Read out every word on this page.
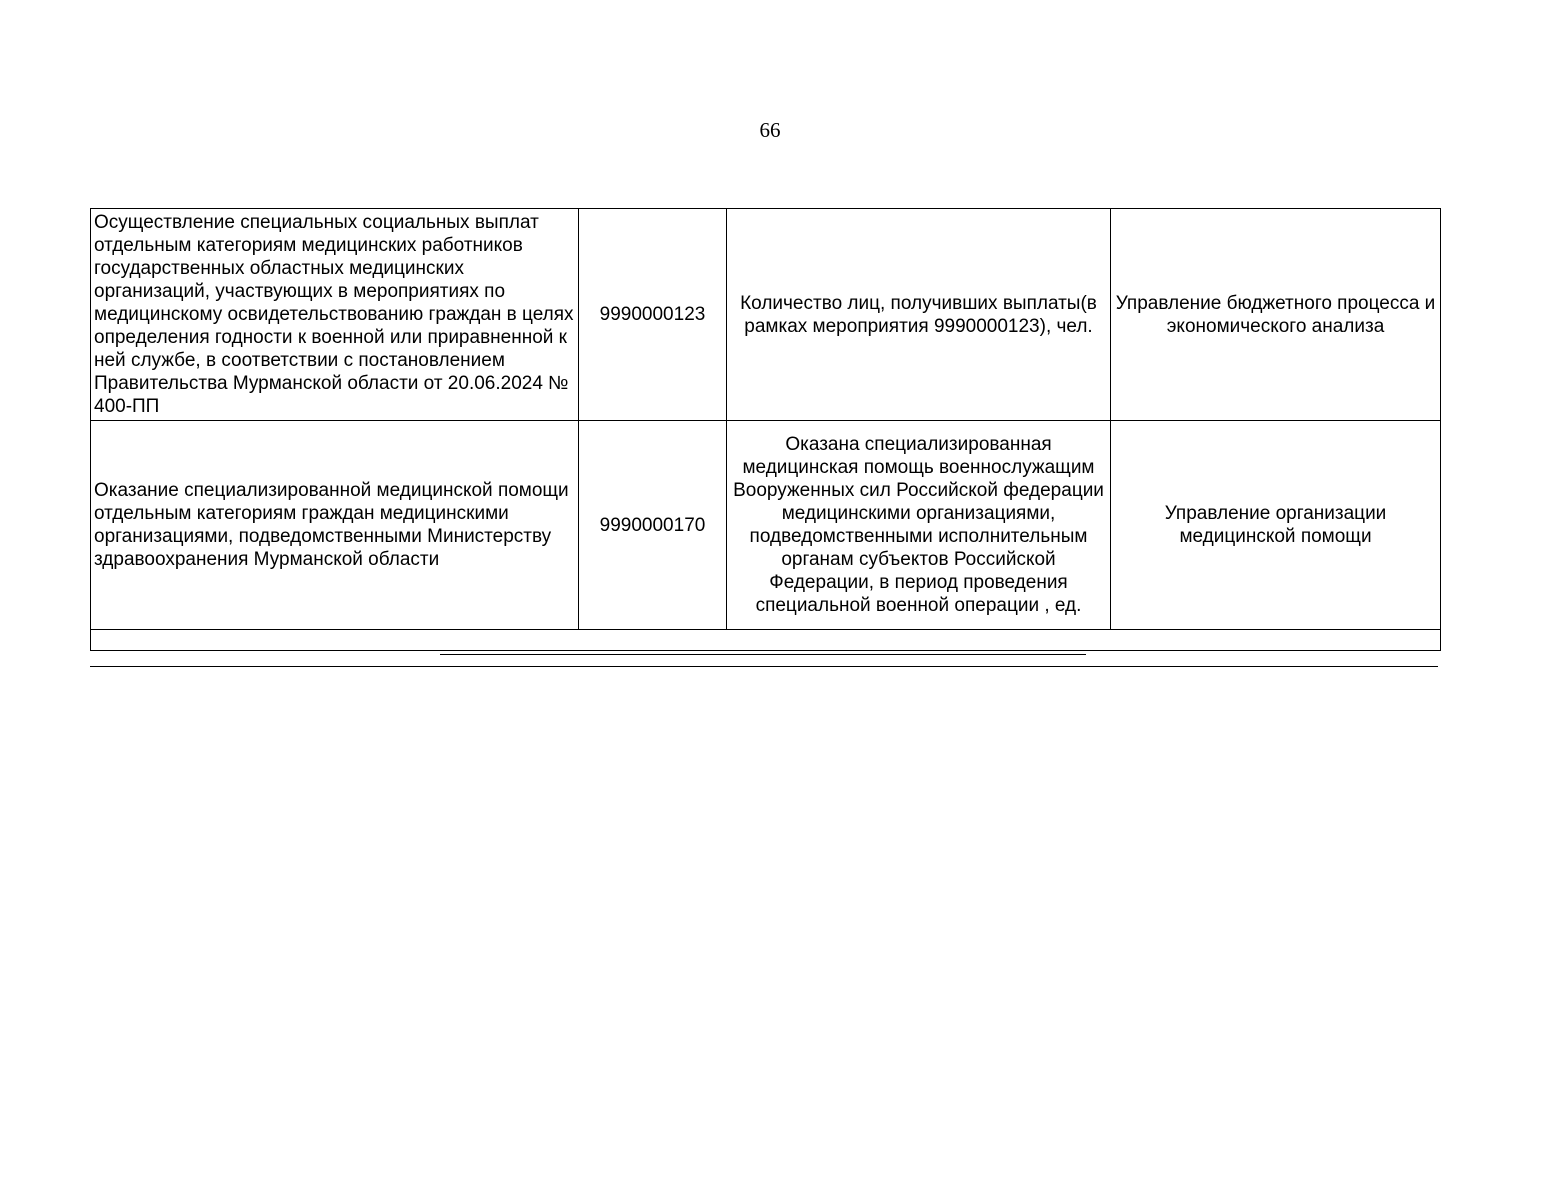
66
Осуществление специальных социальных выплат отдельным категориям медицинских работников государственных областных медицинских организаций, участвующих в мероприятиях по медицинскому освидетельствованию граждан в целях определения годности к военной или приравненной к ней службе, в соответствии с постановлением Правительства Мурманской области от 20.06.2024 № 400-ПП	9990000123	Количество лиц, получивших выплаты(в рамках мероприятия 9990000123), чел.	Управление бюджетного процесса и экономического анализа
Оказание специализированной медицинской помощи отдельным категориям граждан медицинскими организациями, подведомственными Министерству здравоохранения Мурманской области	9990000170	Оказана специализированная медицинская помощь военнослужащим Вооруженных сил Российской федерации медицинскими организациями, подведомственными исполнительным органам субъектов Российской Федерации, в период проведения специальной военной операции , ед.	Управление организации медицинской помощи
